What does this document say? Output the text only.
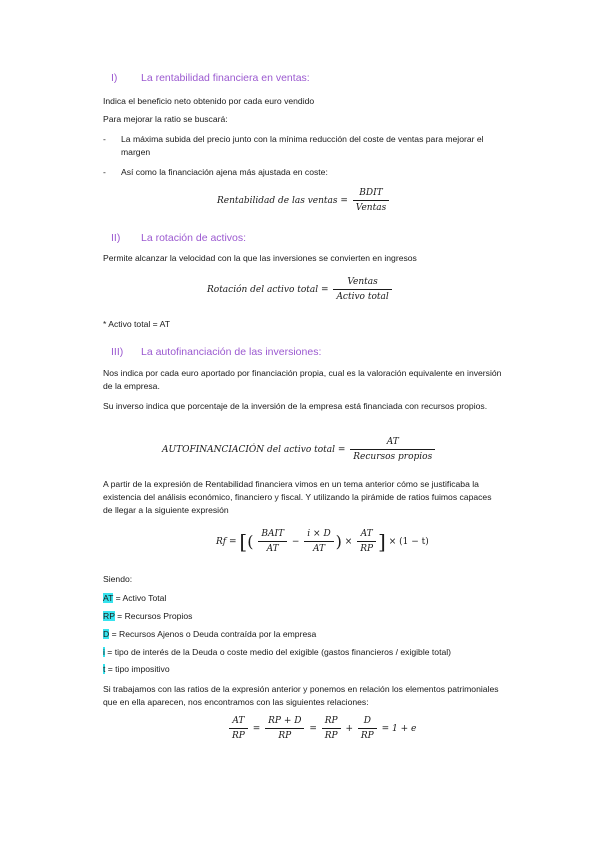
I) La rentabilidad financiera en ventas:
Indica el beneficio neto obtenido por cada euro vendido
Para mejorar la ratio se buscará:
- La máxima subida del precio junto con la mínima reducción del coste de ventas para mejorar el margen
- Así como la financiación ajena más ajustada en coste:
Rentabilidad de las ventas = $\frac{\text{BDIT}}{\text{Ventas}}$
II) La rotación de activos:
Permite alcanzar la velocidad con la que las inversiones se convierten en ingresos
Rotación del activo total = $\frac{\text{Ventas}}{\text{Activo total}}$
* Activo total = AT
III) La autofinanciación de las inversiones:
Nos indica por cada euro aportado por financiación propia, cual es la valoración equivalente en inversión de la empresa.
Su inverso indica que porcentaje de la inversión de la empresa está financiada con recursos propios.
AUTOFINANCIACIÓN del activo total = $\frac{AT}{\text{Recursos propios}}$
A partir de la expresión de Rentabilidad financiera vimos en un tema anterior cómo se justificaba la existencia del análisis económico, financiero y fiscal. Y utilizando la pirámide de ratios fuimos capaces de llegar a la siguiente expresión
Rf = [( $\frac{\text{BAIT}}{AT} - \frac{i \times D}{AT}$ ) × $\frac{AT}{RP}$ ] × (1 − t)
Siendo:
AT = Activo Total
RP = Recursos Propios
D = Recursos Ajenos o Deuda contraída por la empresa
i = tipo de interés de la Deuda o coste medio del exigible (gastos financieros / exigible total)
t = tipo impositivo
Si trabajamos con las ratios de la expresión anterior y ponemos en relación los elementos patrimoniales que en ella aparecen, nos encontramos con las siguientes relaciones:
$\frac{AT}{RP} = \frac{RP + D}{RP} = \frac{RP}{RP} + \frac{D}{RP} = 1 + e$
